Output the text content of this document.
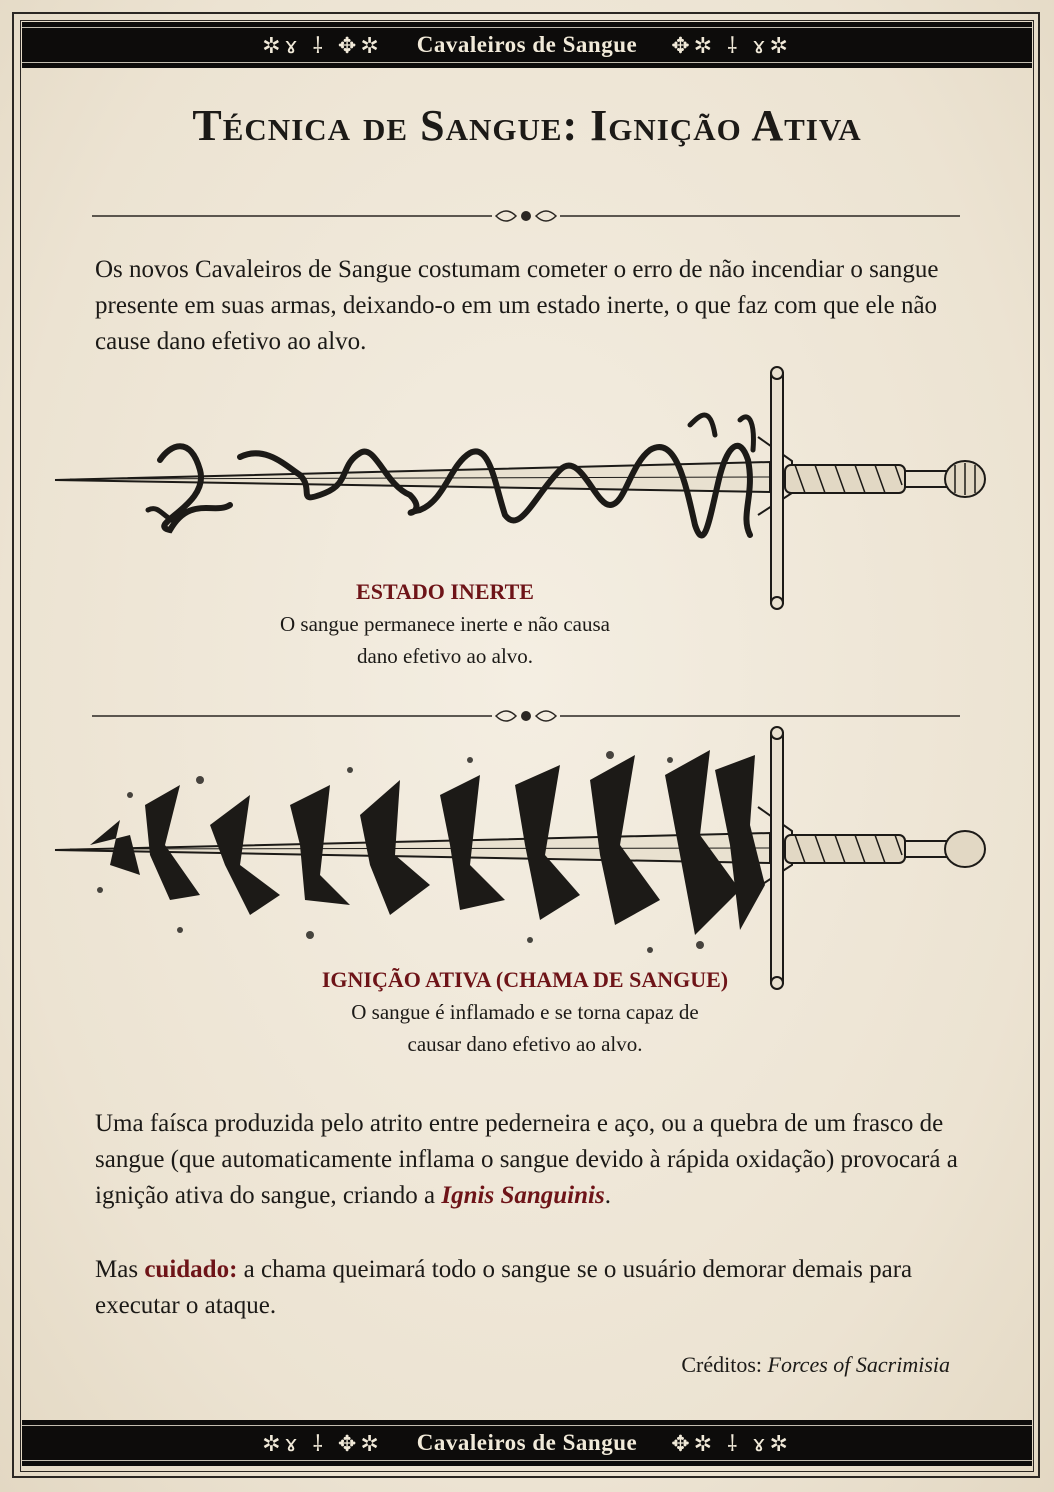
✲ɤ ⸸ ✥✲ Cavaleiros de Sangue ✥✲ ⸸ ɤ✲
Técnica de Sangue: Ignição Ativa

Os novos Cavaleiros de Sangue costumam cometer o erro de não incendiar o sangue presente em suas armas, deixando-o em um estado inerte, o que faz com que ele não cause dano efetivo ao alvo.

ESTADO INERTE
O sangue permanece inerte e não causa
dano efetivo ao alvo.
IGNIÇÃO ATIVA (CHAMA DE SANGUE)
O sangue é inflamado e se torna capaz de
causar dano efetivo ao alvo.

Uma faísca produzida pelo atrito entre pederneira e aço, ou a quebra de um frasco de sangue (que automaticamente inflama o sangue devido à rápida oxidação) provocará a ignição ativa do sangue, criando a Ignis Sanguinis.

Mas cuidado: a chama queimará todo o sangue se o usuário demorar demais para executar o ataque.

Créditos: Forces of Sacrimisia
✲ɤ ⸸ ✥✲ Cavaleiros de Sangue ✥✲ ⸸ ɤ✲
